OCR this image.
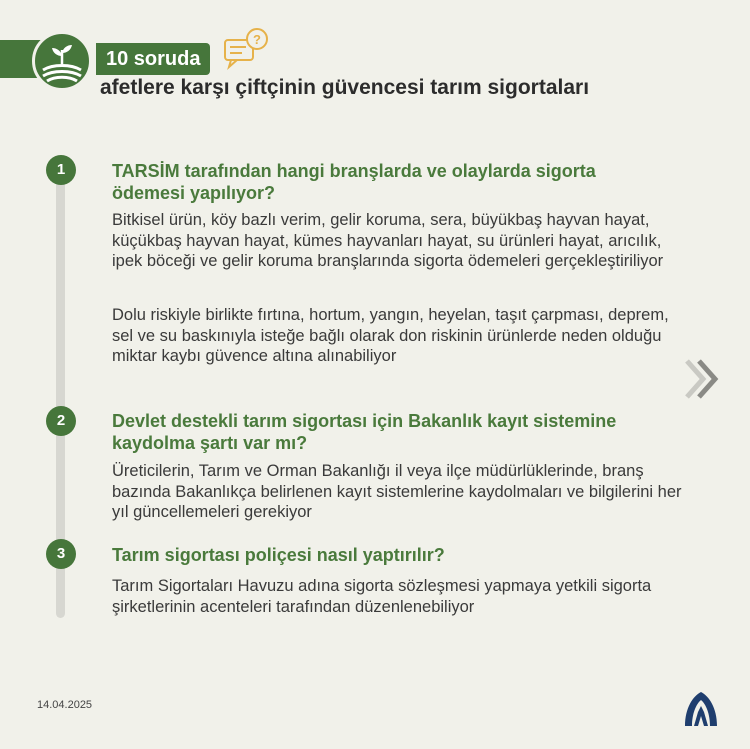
10 soruda
?
afetlere karşı çiftçinin güvencesi tarım sigortaları
1	TARSİM tarafından hangi branşlarda ve olaylarda sigorta ödemesi yapılıyor?

Bitkisel ürün, köy bazlı verim, gelir koruma, sera, büyükbaş hayvan hayat, küçükbaş hayvan hayat, kümes hayvanları hayat, su ürünleri hayat, arıcılık, ipek böceği ve gelir koruma branşlarında sigorta ödemeleri gerçekleştiriliyor

Dolu riskiyle birlikte fırtına, hortum, yangın, heyelan, taşıt çarpması, deprem, sel ve su baskınıyla isteğe bağlı olarak don riskinin ürünlerde neden olduğu miktar kaybı güvence altına alınabiliyor

2	Devlet destekli tarım sigortası için Bakanlık kayıt sistemine kaydolma şartı var mı?

Üreticilerin, Tarım ve Orman Bakanlığı il veya ilçe müdürlüklerinde, branş bazında Bakanlıkça belirlenen kayıt sistemlerine kaydolmaları ve bilgilerini her yıl güncellemeleri gerekiyor

3	Tarım sigortası poliçesi nasıl yaptırılır?

Tarım Sigortaları Havuzu adına sigorta sözleşmesi yapmaya yetkili sigorta şirketlerinin acenteleri tarafından düzenlenebiliyor

14.04.2025
